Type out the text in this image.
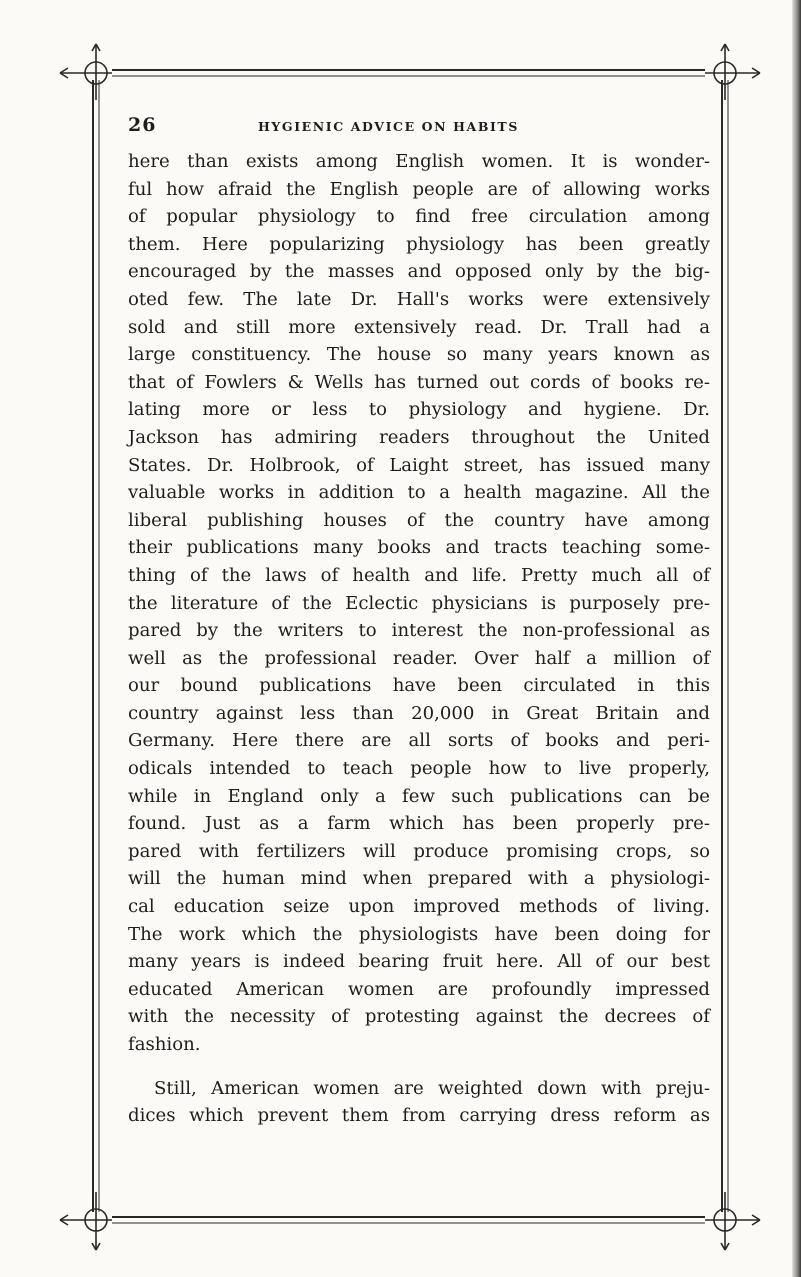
26	HYGIENIC ADVICE ON HABITS
here than exists among English women. It is wonder-
ful how afraid the English people are of allowing works
of popular physiology to find free circulation among
them. Here popularizing physiology has been greatly
encouraged by the masses and opposed only by the big-
oted few. The late Dr. Hall's works were extensively
sold and still more extensively read. Dr. Trall had a
large constituency. The house so many years known as
that of Fowlers & Wells has turned out cords of books re-
lating more or less to physiology and hygiene. Dr.
Jackson has admiring readers throughout the United
States. Dr. Holbrook, of Laight street, has issued many
valuable works in addition to a health magazine. All the
liberal publishing houses of the country have among
their publications many books and tracts teaching some-
thing of the laws of health and life. Pretty much all of
the literature of the Eclectic physicians is purposely pre-
pared by the writers to interest the non-professional as
well as the professional reader. Over half a million of
our bound publications have been circulated in this
country against less than 20,000 in Great Britain and
Germany. Here there are all sorts of books and peri-
odicals intended to teach people how to live properly,
while in England only a few such publications can be
found. Just as a farm which has been properly pre-
pared with fertilizers will produce promising crops, so
will the human mind when prepared with a physiologi-
cal education seize upon improved methods of living.
The work which the physiologists have been doing for
many years is indeed bearing fruit here. All of our best
educated American women are profoundly impressed
with the necessity of protesting against the decrees of
fashion.
Still, American women are weighted down with preju-
dices which prevent them from carrying dress reform as
